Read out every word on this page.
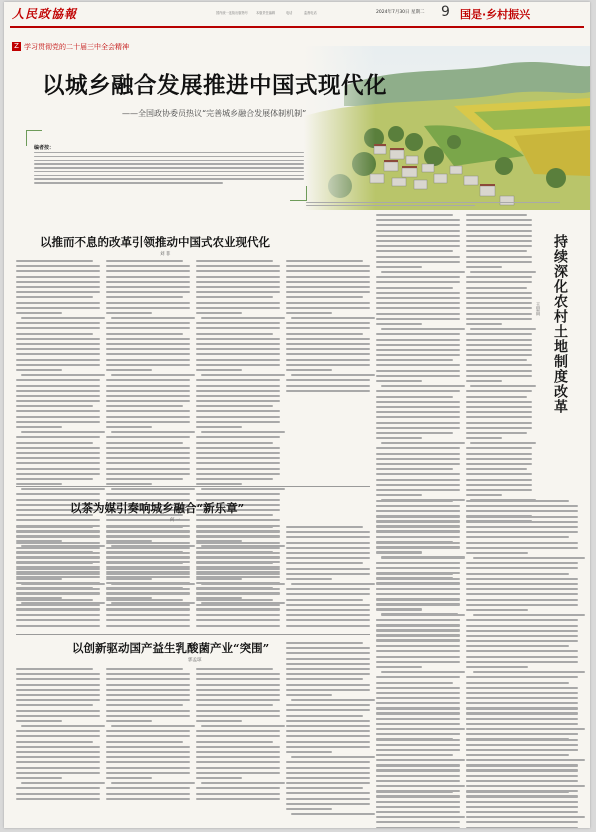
人民政協報	国内统一连续出版物号	本版责任编辑	电话	监督电话	2024年7月30日 星期二 9 国是·乡村振兴
Z 学习贯彻党的二十届三中全会精神
以城乡融合发展推进中国式现代化
——全国政协委员热议“完善城乡融合发展体制机制”
编者按：
以推而不息的改革引领推动中国式农业现代化
刘 菲	持续深化农村土地制度改革
王思雨
以茶为媒引奏响城乡融合“新乐章”
何 一
以创新驱动国产益生乳酸菌产业“突围”
郭孟琼
